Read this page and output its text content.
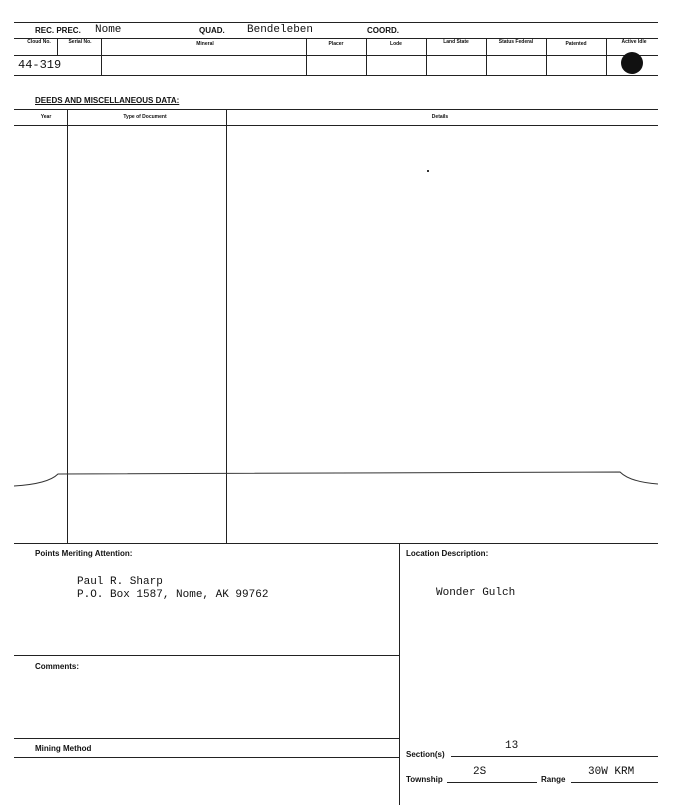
REC. PREC. Nome	QUAD. Bendeleben	COORD.
Cloud No.	Serial No.	Mineral	Placer	Lode	Land State	Status Federal	Patented	Active Idle
44-319
DEEDS AND MISCELLANEOUS DATA:
Year	Type of Document	Details
Points Meriting Attention:
Paul R. Sharp
P.O. Box 1587, Nome, AK 99762
Location Description:
Wonder Gulch
Comments:
Mining Method
Section(s)
13
Township
2S
Range
30W KRM
